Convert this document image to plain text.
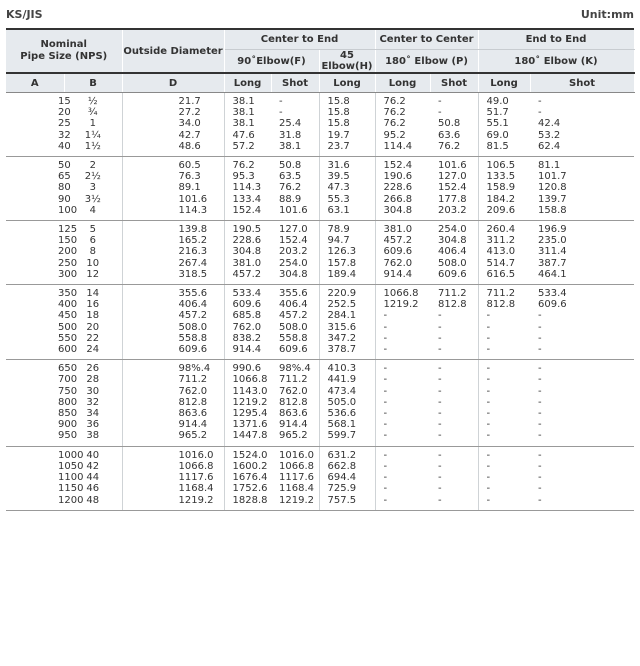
KS/JIS	Unit:mm
Nominal
Pipe Size (NPS)		Outside Diameter	Center to End			Center to Center		End to End	
			90˚Elbow(F)		45 Elbow(H)	180˚ Elbow (P)		180˚ Elbow (K)	
A	B	D	Long	Shot	Long	Long	Shot	Long	Shot
15	½	21.7	38.1	-	15.8	76.2	-	49.0	-
20	¾	27.2	38.1	-	15.8	76.2	-	51.7	-
25	1	34.0	38.1	25.4	15.8	76.2	50.8	55.1	42.4
32	1¼	42.7	47.6	31.8	19.7	95.2	63.6	69.0	53.2
40	1½	48.6	57.2	38.1	23.7	114.4	76.2	81.5	62.4
50	2	60.5	76.2	50.8	31.6	152.4	101.6	106.5	81.1
65	2½	76.3	95.3	63.5	39.5	190.6	127.0	133.5	101.7
80	3	89.1	114.3	76.2	47.3	228.6	152.4	158.9	120.8
90	3½	101.6	133.4	88.9	55.3	266.8	177.8	184.2	139.7
100	4	114.3	152.4	101.6	63.1	304.8	203.2	209.6	158.8
125	5	139.8	190.5	127.0	78.9	381.0	254.0	260.4	196.9
150	6	165.2	228.6	152.4	94.7	457.2	304.8	311.2	235.0
200	8	216.3	304.8	203.2	126.3	609.6	406.4	413.0	311.4
250	10	267.4	381.0	254.0	157.8	762.0	508.0	514.7	387.7
300	12	318.5	457.2	304.8	189.4	914.4	609.6	616.5	464.1
350	14	355.6	533.4	355.6	220.9	1066.8	711.2	711.2	533.4
400	16	406.4	609.6	406.4	252.5	1219.2	812.8	812.8	609.6
450	18	457.2	685.8	457.2	284.1	-	-	-	-
500	20	508.0	762.0	508.0	315.6	-	-	-	-
550	22	558.8	838.2	558.8	347.2	-	-	-	-
600	24	609.6	914.4	609.6	378.7	-	-	-	-
650	26	98%.4	990.6	98%.4	410.3	-	-	-	-
700	28	711.2	1066.8	711.2	441.9	-	-	-	-
750	30	762.0	1143.0	762.0	473.4	-	-	-	-
800	32	812.8	1219.2	812.8	505.0	-	-	-	-
850	34	863.6	1295.4	863.6	536.6	-	-	-	-
900	36	914.4	1371.6	914.4	568.1	-	-	-	-
950	38	965.2	1447.8	965.2	599.7	-	-	-	-
1000	40	1016.0	1524.0	1016.0	631.2	-	-	-	-
1050	42	1066.8	1600.2	1066.8	662.8	-	-	-	-
1100	44	1117.6	1676.4	1117.6	694.4	-	-	-	-
1150	46	1168.4	1752.6	1168.4	725.9	-	-	-	-
1200	48	1219.2	1828.8	1219.2	757.5	-	-	-	-
